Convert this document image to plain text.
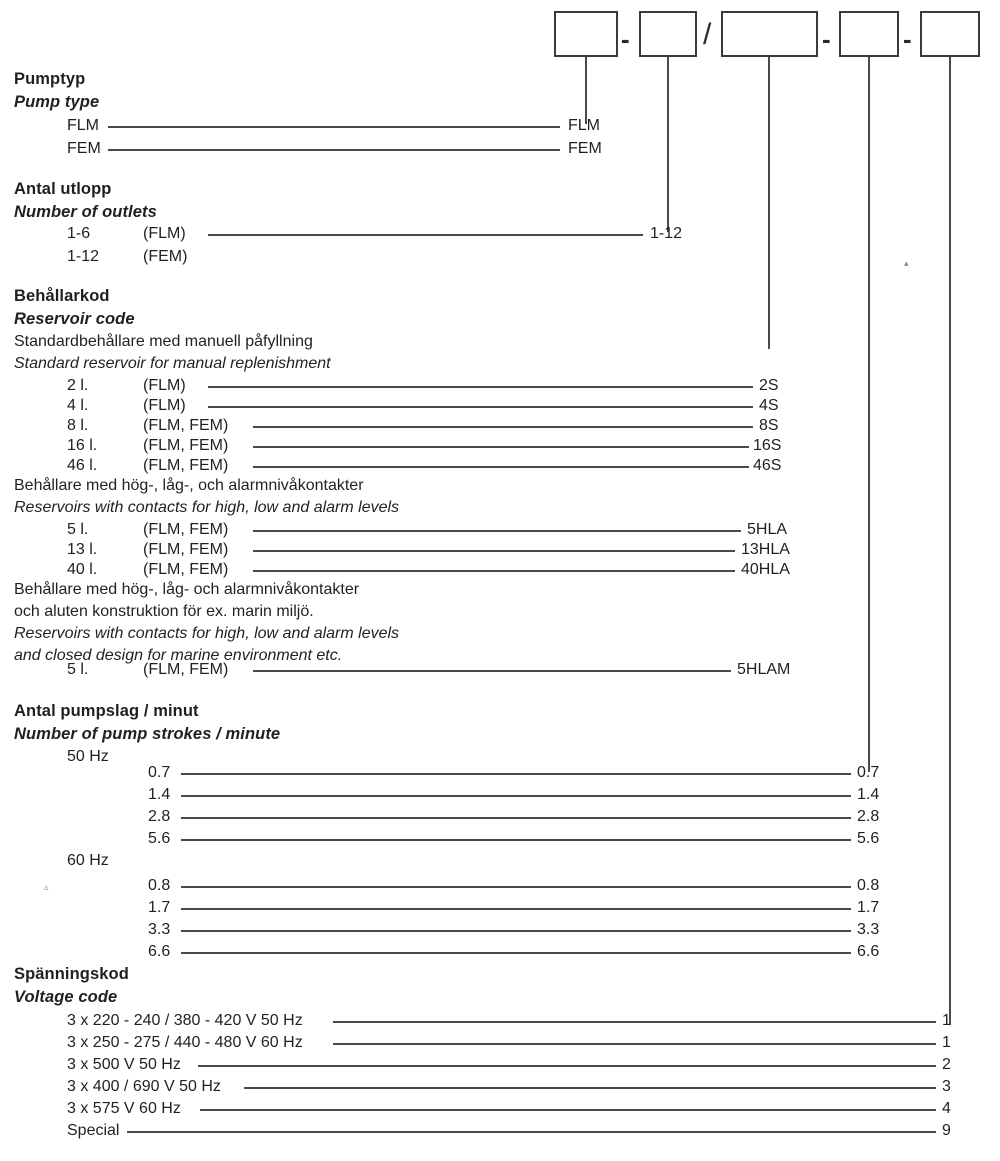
- /	-	-
▴
▵
Pumptyp
Pump type
FLM	FLM
FEM	FEM
Antal utlopp
Number of outlets
1-6	(FLM)	1-12
1-12	(FEM)
Behållarkod
Reservoir code
Standardbehållare med manuell påfyllning
Standard reservoir for manual replenishment
2 l.	(FLM)	2S
4 l.	(FLM)	4S
8 l.	(FLM, FEM)	8S
16 l.	(FLM, FEM)	16S
46 l.	(FLM, FEM)	46S
Behållare med hög-, låg-, och alarmnivåkontakter
Reservoirs with contacts for high, low and alarm levels
5 l.	(FLM, FEM)	5HLA
13 l.	(FLM, FEM)	13HLA
40 l.	(FLM, FEM)	40HLA
Behållare med hög-, låg- och alarmnivåkontakter
och aluten konstruktion för ex. marin miljö.
Reservoirs with contacts for high, low and alarm levels
and closed design for marine environment etc.
5 l.	(FLM, FEM)	5HLAM
Antal pumpslag / minut
Number of pump strokes / minute
50 Hz
0.7	0.7
1.4	1.4
2.8	2.8
5.6	5.6
60 Hz
0.8	0.8
1.7	1.7
3.3	3.3
6.6	6.6
Spänningskod
Voltage code
3 x 220 - 240 / 380 - 420 V 50 Hz	1
3 x 250 - 275 / 440 - 480 V 60 Hz	1
3 x 500 V 50 Hz	2
3 x 400 / 690 V 50 Hz	3
3 x 575 V 60 Hz	4
Special	9
